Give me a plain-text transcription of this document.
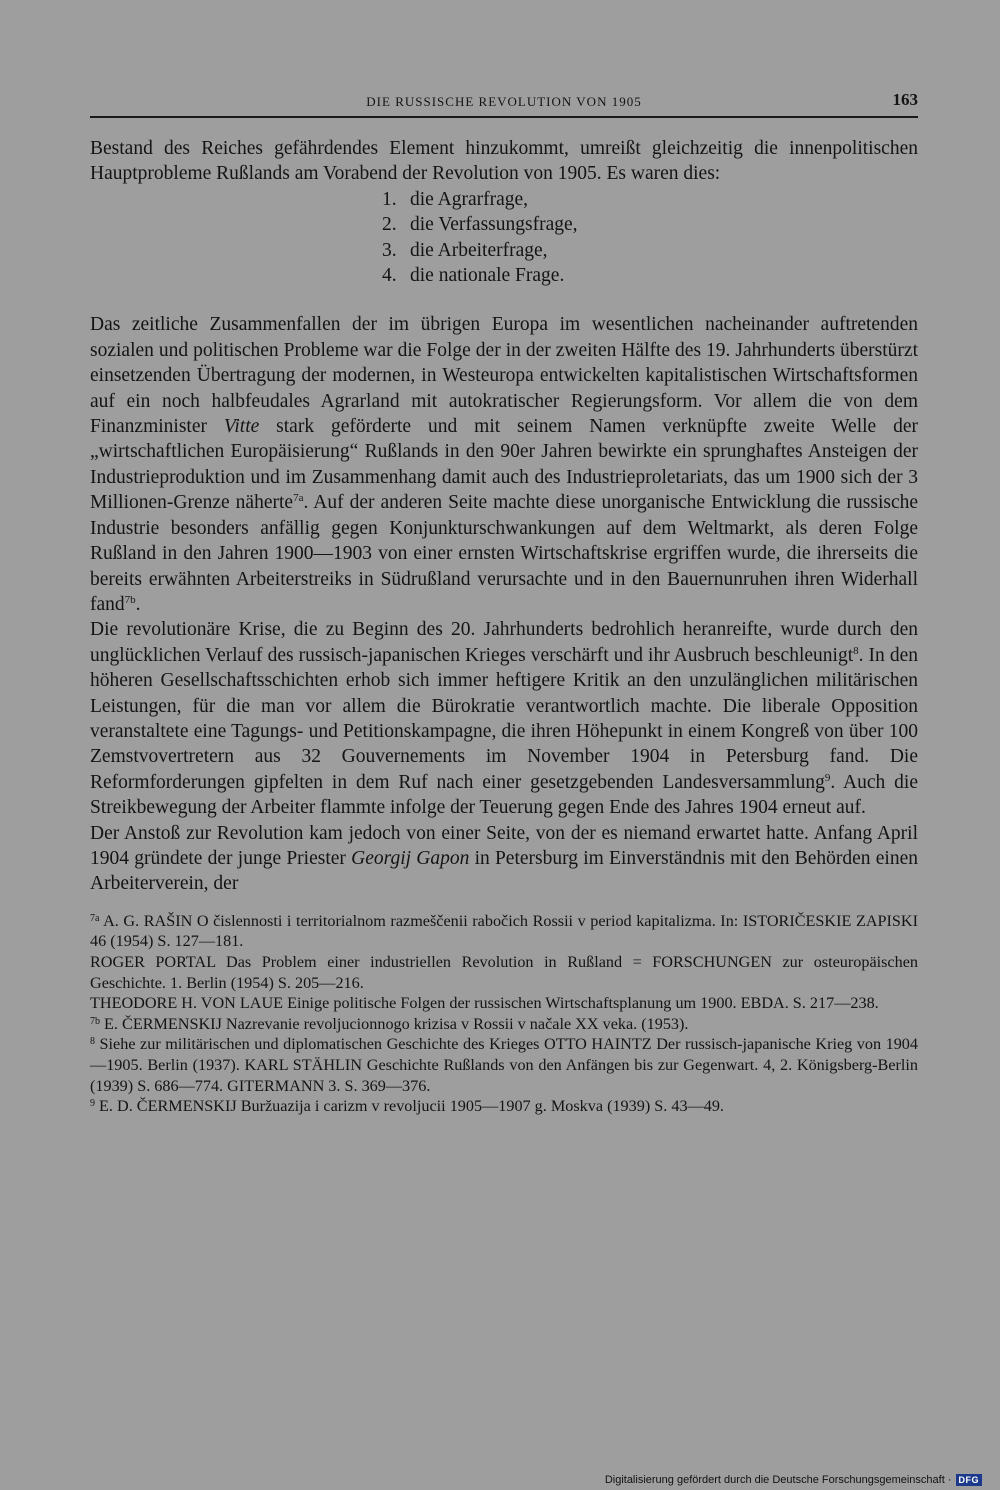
DIE RUSSISCHE REVOLUTION VON 1905	163

Bestand des Reiches gefährdendes Element hinzukommt, umreißt gleichzeitig die innenpolitischen Hauptprobleme Rußlands am Vorabend der Revolution von 1905. Es waren dies:

1. die Agrarfrage,
2. die Verfassungsfrage,
3. die Arbeiterfrage,
4. die nationale Frage.

Das zeitliche Zusammenfallen der im übrigen Europa im wesentlichen nacheinander auftretenden sozialen und politischen Probleme war die Folge der in der zweiten Hälfte des 19. Jahrhunderts überstürzt einsetzenden Übertragung der modernen, in Westeuropa entwickelten kapitalistischen Wirtschaftsformen auf ein noch halbfeudales Agrarland mit autokratischer Regierungsform. Vor allem die von dem Finanzminister Vitte stark geförderte und mit seinem Namen verknüpfte zweite Welle der „wirtschaftlichen Europäisierung“ Rußlands in den 90er Jahren bewirkte ein sprunghaftes Ansteigen der Industrieproduktion und im Zusammenhang damit auch des Industrieproletariats, das um 1900 sich der 3 Millionen-Grenze näherte$^{7a}$. Auf der anderen Seite machte diese unorganische Entwicklung die russische Industrie besonders anfällig gegen Konjunkturschwankungen auf dem Weltmarkt, als deren Folge Rußland in den Jahren 1900—1903 von einer ernsten Wirtschaftskrise ergriffen wurde, die ihrerseits die bereits erwähnten Arbeiterstreiks in Südrußland verursachte und in den Bauernunruhen ihren Widerhall fand$^{7b}$.

Die revolutionäre Krise, die zu Beginn des 20. Jahrhunderts bedrohlich heranreifte, wurde durch den unglücklichen Verlauf des russisch-japanischen Krieges verschärft und ihr Ausbruch beschleunigt$^8$. In den höheren Gesellschaftsschichten erhob sich immer heftigere Kritik an den unzulänglichen militärischen Leistungen, für die man vor allem die Bürokratie verantwortlich machte. Die liberale Opposition veranstaltete eine Tagungs- und Petitionskampagne, die ihren Höhepunkt in einem Kongreß von über 100 Zemstvovertretern aus 32 Gouvernements im November 1904 in Petersburg fand. Die Reformforderungen gipfelten in dem Ruf nach einer gesetzgebenden Landesversammlung$^9$. Auch die Streikbewegung der Arbeiter flammte infolge der Teuerung gegen Ende des Jahres 1904 erneut auf.

Der Anstoß zur Revolution kam jedoch von einer Seite, von der es niemand erwartet hatte. Anfang April 1904 gründete der junge Priester Georgij Gapon in Petersburg im Einverständnis mit den Behörden einen Arbeiterverein, der

$^{7a}$ A. G. RAŠIN O čislennosti i territorialnom razmeščenii rabočich Rossii v period kapitalizma. In: ISTORIČESKIE ZAPISKI 46 (1954) S. 127—181.

ROGER PORTAL Das Problem einer industriellen Revolution in Rußland = FORSCHUNGEN zur osteuropäischen Geschichte. 1. Berlin (1954) S. 205—216.

THEODORE H. VON LAUE Einige politische Folgen der russischen Wirtschaftsplanung um 1900. EBDA. S. 217—238.

$^{7b}$ E. ČERMENSKIJ Nazrevanie revoljucionnogo krizisa v Rossii v načale XX veka. (1953).

$^8$ Siehe zur militärischen und diplomatischen Geschichte des Krieges OTTO HAINTZ Der russisch-japanische Krieg von 1904—1905. Berlin (1937). KARL STÄHLIN Geschichte Rußlands von den Anfängen bis zur Gegenwart. 4, 2. Königsberg-Berlin (1939) S. 686—774. GITERMANN 3. S. 369—376.

$^9$ E. D. ČERMENSKIJ Buržuazija i carizm v revoljucii 1905—1907 g. Moskva (1939) S. 43—49.

Digitalisierung gefördert durch die Deutsche Forschungsgemeinschaft · DFG
